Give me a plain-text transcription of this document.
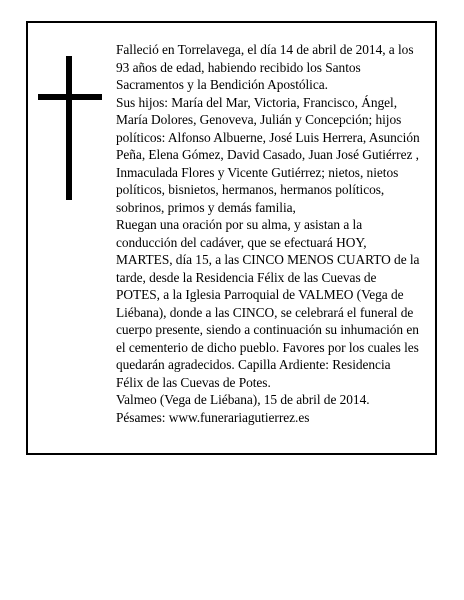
Falleció en Torrelavega, el día 14 de abril de 2014, a los 93 años de edad, habiendo recibido los Santos Sacramentos y la Bendición Apostólica.

Sus hijos: María del Mar, Victoria, Francisco, Ángel, María Dolores, Genoveva, Julián y Concepción; hijos políticos: Alfonso Albuerne, José Luis Herrera, Asunción Peña, Elena Gómez, David Casado, Juan José Gutiérrez , Inmaculada Flores y Vicente Gutiérrez; nietos, nietos políticos, bisnietos, hermanos, hermanos políticos, sobrinos, primos y demás familia,

Ruegan una oración por su alma, y asistan a la conducción del cadáver, que se efectuará HOY, MARTES, día 15, a las CINCO MENOS CUARTO de la tarde, desde la Residencia Félix de las Cuevas de POTES, a la Iglesia Parroquial de VALMEO (Vega de Liébana), donde a las CINCO, se celebrará el funeral de cuerpo presente, siendo a continuación su inhumación en el cementerio de dicho pueblo. Favores por los cuales les quedarán agradecidos. Capilla Ardiente: Residencia Félix de las Cuevas de Potes.

Valmeo (Vega de Liébana), 15 de abril de 2014.

Pésames: www.funerariagutierrez.es
